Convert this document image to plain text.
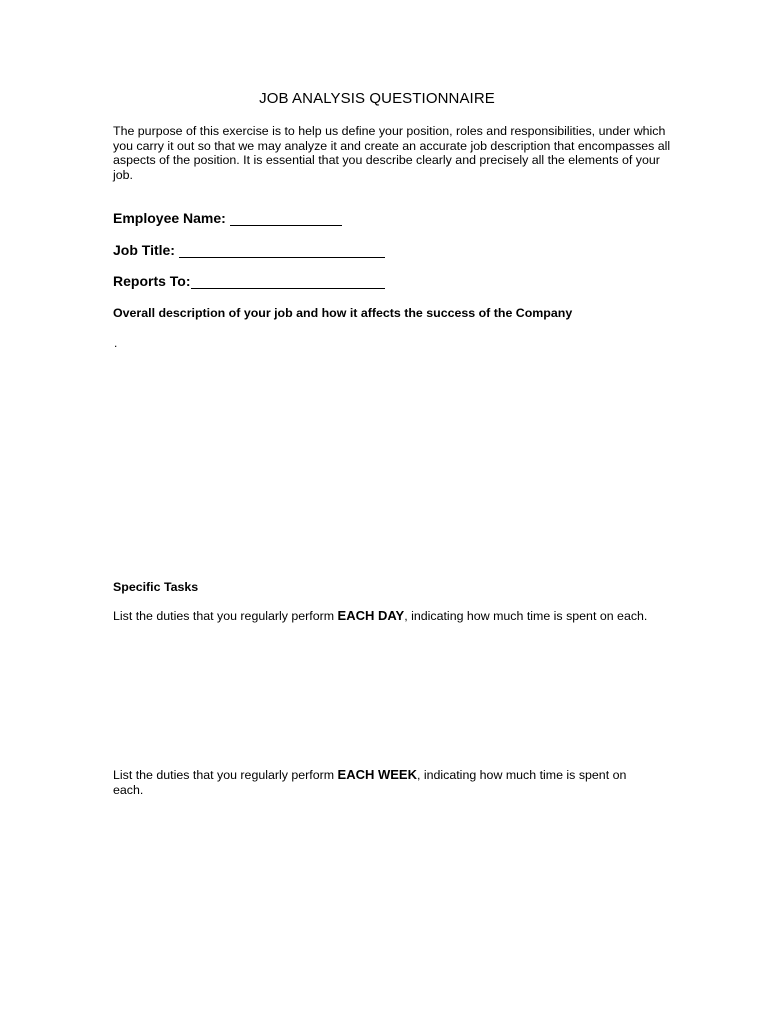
JOB ANALYSIS QUESTIONNAIRE
The purpose of this exercise is to help us define your position, roles and responsibilities, under which you carry it out so that we may analyze it and create an accurate job description that encompasses all aspects of the position. It is essential that you describe clearly and precisely all the elements of your job.
Employee Name:
Job Title:
Reports To:
Overall description of your job and how it affects the success of the Company
.
Specific Tasks
List the duties that you regularly perform EACH DAY, indicating how much time is spent on each.
List the duties that you regularly perform EACH WEEK, indicating how much time is spent on each.
